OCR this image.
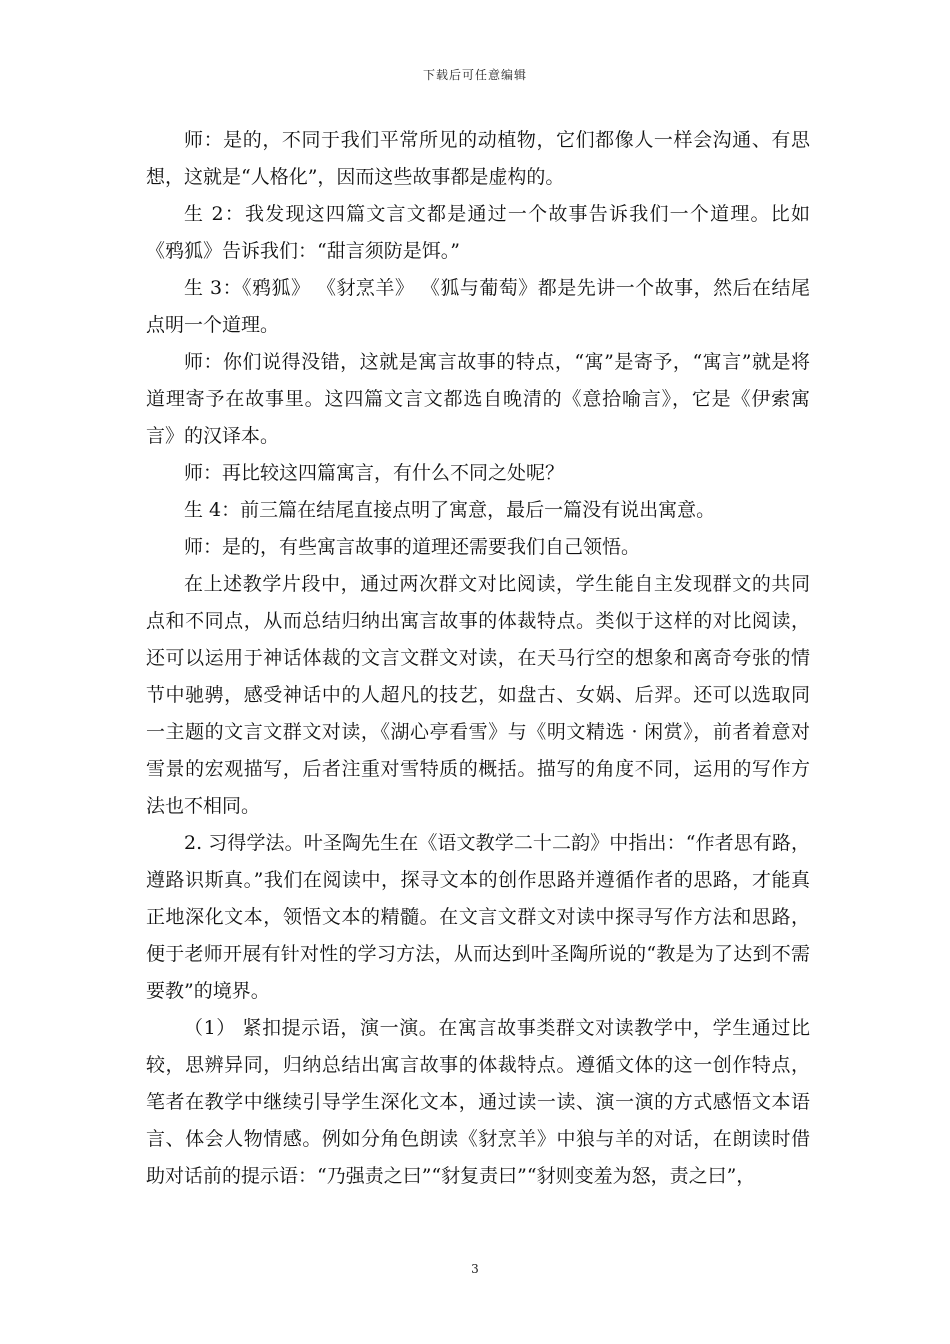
下载后可任意编辑

师：是的，不同于我们平常所见的动植物，它们都像人一样会沟通、有思想，这就是“人格化”，因而这些故事都是虚构的。

生 2：我发现这四篇文言文都是通过一个故事告诉我们一个道理。比如《鸦狐》告诉我们：“甜言须防是饵。”

生 3：《鸦狐》 《豺烹羊》 《狐与葡萄》都是先讲一个故事，然后在结尾点明一个道理。

师：你们说得没错，这就是寓言故事的特点，“寓”是寄予，“寓言”就是将道理寄予在故事里。这四篇文言文都选自晚清的《意拾喻言》，它是《伊索寓言》的汉译本。

师：再比较这四篇寓言，有什么不同之处呢？

生 4：前三篇在结尾直接点明了寓意，最后一篇没有说出寓意。

师：是的，有些寓言故事的道理还需要我们自己领悟。

在上述教学片段中，通过两次群文对比阅读，学生能自主发现群文的共同点和不同点，从而总结归纳出寓言故事的体裁特点。类似于这样的对比阅读，还可以运用于神话体裁的文言文群文对读，在天马行空的想象和离奇夸张的情节中驰骋，感受神话中的人超凡的技艺，如盘古、女娲、后羿。还可以选取同一主题的文言文群文对读，《湖心亭看雪》与《明文精选 · 闲赏》，前者着意对雪景的宏观描写，后者注重对雪特质的概括。描写的角度不同，运用的写作方法也不相同。

2. 习得学法。叶圣陶先生在《语文教学二十二韵》中指出：“作者思有路，遵路识斯真。”我们在阅读中，探寻文本的创作思路并遵循作者的思路，才能真正地深化文本，领悟文本的精髓。在文言文群文对读中探寻写作方法和思路，便于老师开展有针对性的学习方法，从而达到叶圣陶所说的“教是为了达到不需要教”的境界。

（1） 紧扣提示语，演一演。在寓言故事类群文对读教学中，学生通过比较，思辨异同，归纳总结出寓言故事的体裁特点。遵循文体的这一创作特点，笔者在教学中继续引导学生深化文本，通过读一读、演一演的方式感悟文本语言、体会人物情感。例如分角色朗读《豺烹羊》中狼与羊的对话，在朗读时借助对话前的提示语：“乃强责之曰”“豺复责曰”“豺则变羞为怒，责之曰”，

3
